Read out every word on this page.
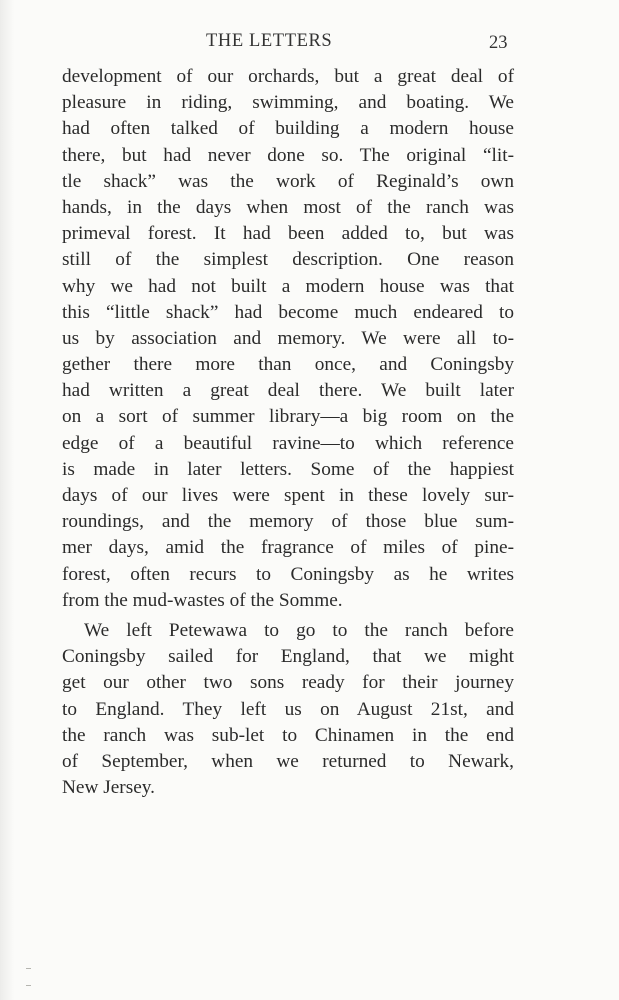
THE LETTERS	23
development of our orchards, but a great deal of
pleasure in riding, swimming, and boating. We
had often talked of building a modern house
there, but had never done so. The original “lit-
tle shack” was the work of Reginald’s own
hands, in the days when most of the ranch was
primeval forest. It had been added to, but was
still of the simplest description. One reason
why we had not built a modern house was that
this “little shack” had become much endeared to
us by association and memory. We were all to-
gether there more than once, and Coningsby
had written a great deal there. We built later
on a sort of summer library—a big room on the
edge of a beautiful ravine—to which reference
is made in later letters. Some of the happiest
days of our lives were spent in these lovely sur-
roundings, and the memory of those blue sum-
mer days, amid the fragrance of miles of pine-
forest, often recurs to Coningsby as he writes
from the mud-wastes of the Somme.
We left Petewawa to go to the ranch before
Coningsby sailed for England, that we might
get our other two sons ready for their journey
to England. They left us on August 21st, and
the ranch was sub-let to Chinamen in the end
of September, when we returned to Newark,
New Jersey.
